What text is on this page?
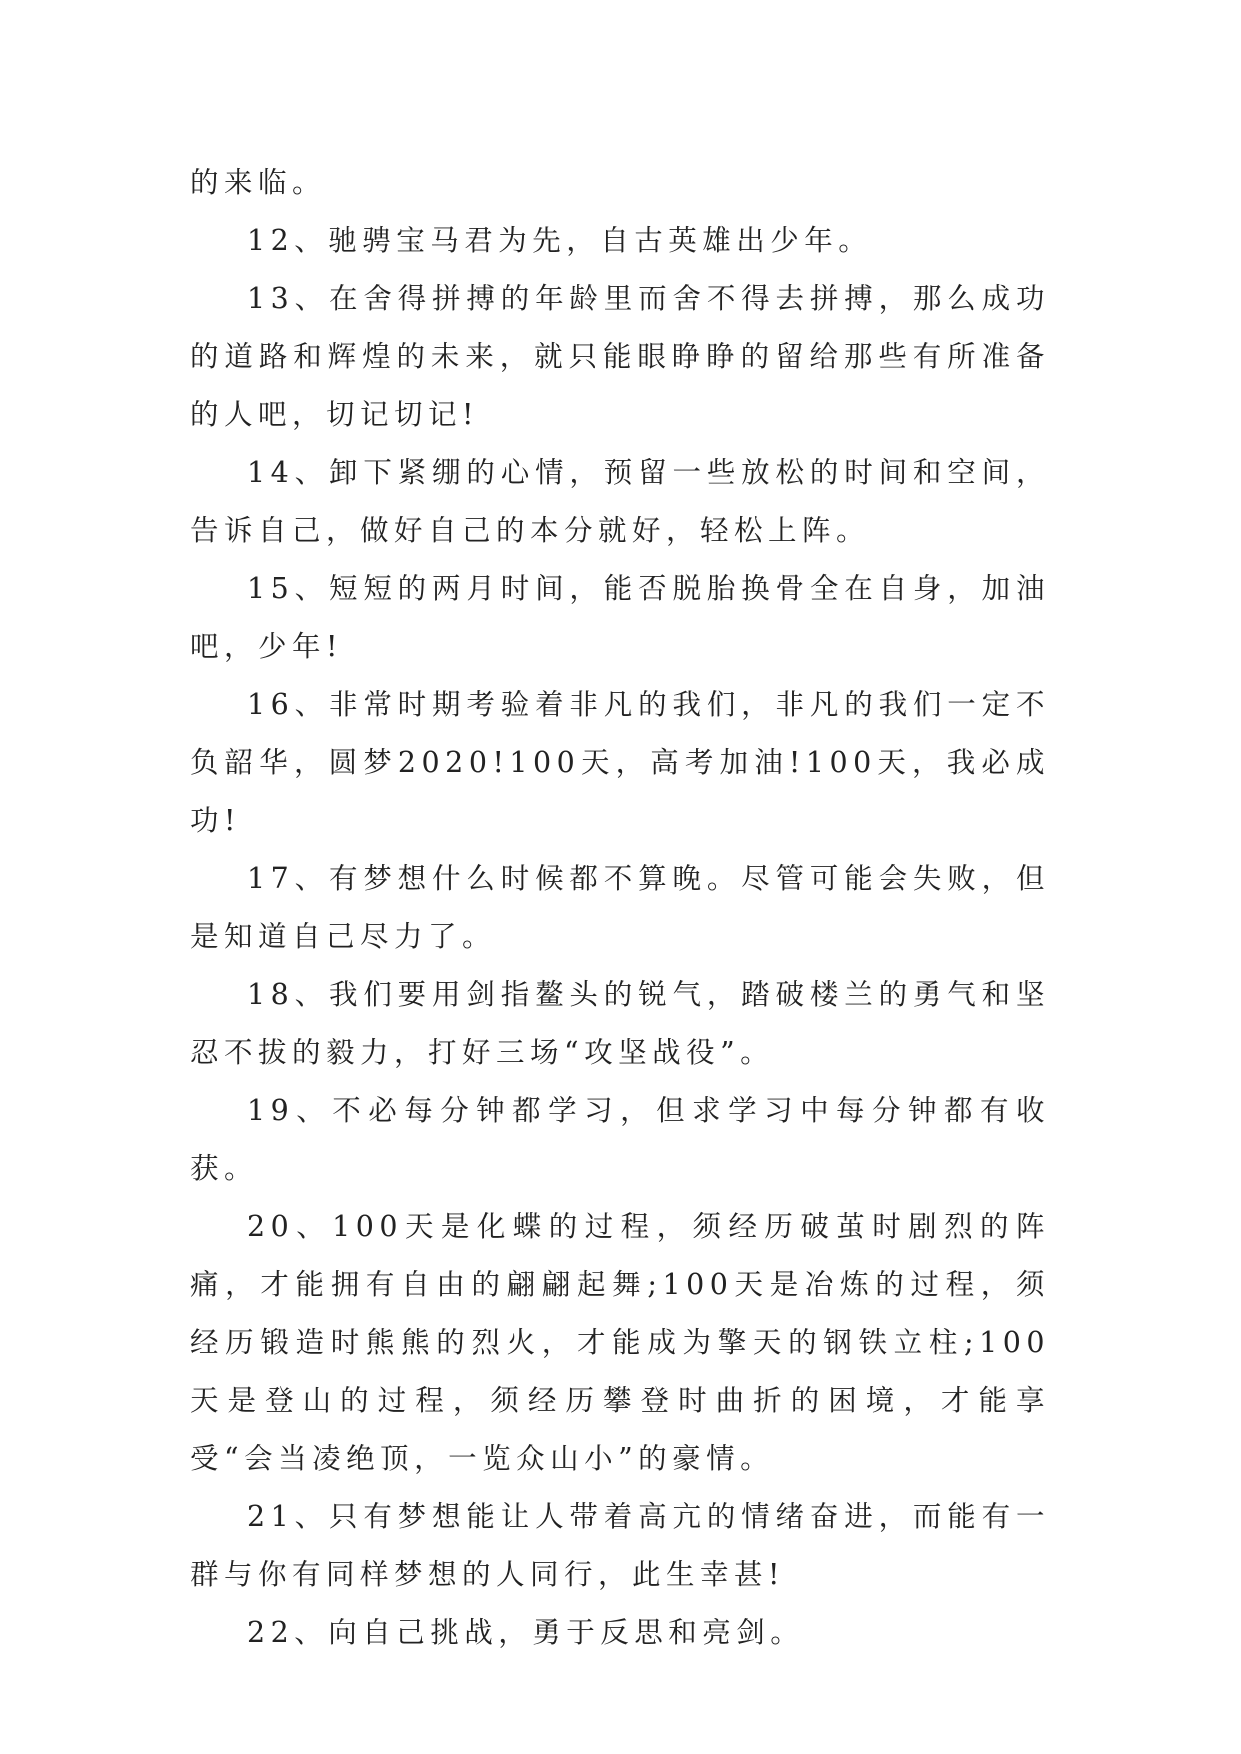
的来临。

12、驰骋宝马君为先，自古英雄出少年。

13、在舍得拼搏的年龄里而舍不得去拼搏，那么成功的道路和辉煌的未来，就只能眼睁睁的留给那些有所准备的人吧，切记切记!

14、卸下紧绷的心情，预留一些放松的时间和空间，告诉自己，做好自己的本分就好，轻松上阵。

15、短短的两月时间，能否脱胎换骨全在自身，加油吧，少年!

16、非常时期考验着非凡的我们，非凡的我们一定不负韶华，圆梦2020!100天，高考加油!100天，我必成功!

17、有梦想什么时候都不算晚。尽管可能会失败，但是知道自己尽力了。

18、我们要用剑指鳌头的锐气，踏破楼兰的勇气和坚忍不拔的毅力，打好三场“攻坚战役”。

19、不必每分钟都学习，但求学习中每分钟都有收获。

20、100天是化蝶的过程，须经历破茧时剧烈的阵痛，才能拥有自由的翩翩起舞;100天是冶炼的过程，须经历锻造时熊熊的烈火，才能成为擎天的钢铁立柱;100天是登山的过程，须经历攀登时曲折的困境，才能享受“会当凌绝顶，一览众山小”的豪情。

21、只有梦想能让人带着高亢的情绪奋进，而能有一群与你有同样梦想的人同行，此生幸甚!

22、向自己挑战，勇于反思和亮剑。
